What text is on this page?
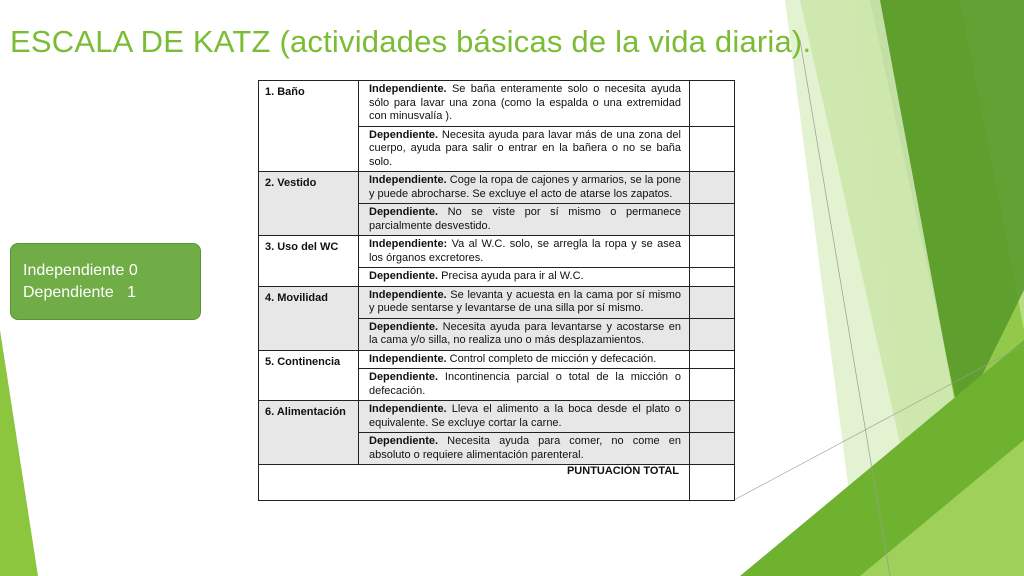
ESCALA DE KATZ (actividades básicas de la vida diaria).
Independiente 0
Dependiente   1
1. Baño	Independiente. Se baña enteramente solo o necesita ayuda sólo para lavar una zona (como la espalda o una extremidad con minusvalía ).	
	Dependiente. Necesita ayuda para lavar más de una zona del cuerpo, ayuda para salir o entrar en la bañera o no se baña solo.	
2. Vestido	Independiente. Coge la ropa de cajones y armarios, se la pone y puede abrocharse. Se excluye el acto de atarse los zapatos.	
	Dependiente. No se viste por sí mismo o permanece parcialmente desvestido.	
3. Uso del WC	Independiente: Va al W.C. solo, se arregla la ropa y se asea los órganos excretores.	
	Dependiente. Precisa ayuda para ir al W.C.	
4. Movilidad	Independiente. Se levanta y acuesta en la cama por sí mismo y puede sentarse y levantarse de una silla por sí mismo.	
	Dependiente. Necesita ayuda para levantarse y acostarse en la cama y/o silla, no realiza uno o más desplazamientos.	
5. Continencia	Independiente. Control completo de micción y defecación.	
	Dependiente. Incontinencia parcial o total de la micción o defecación.	
6. Alimentación	Independiente. Lleva el alimento a la boca desde el plato o equivalente. Se excluye cortar la carne.	
	Dependiente. Necesita ayuda para comer, no come en absoluto o requiere alimentación parenteral.	
PUNTUACIÓN TOTAL		
